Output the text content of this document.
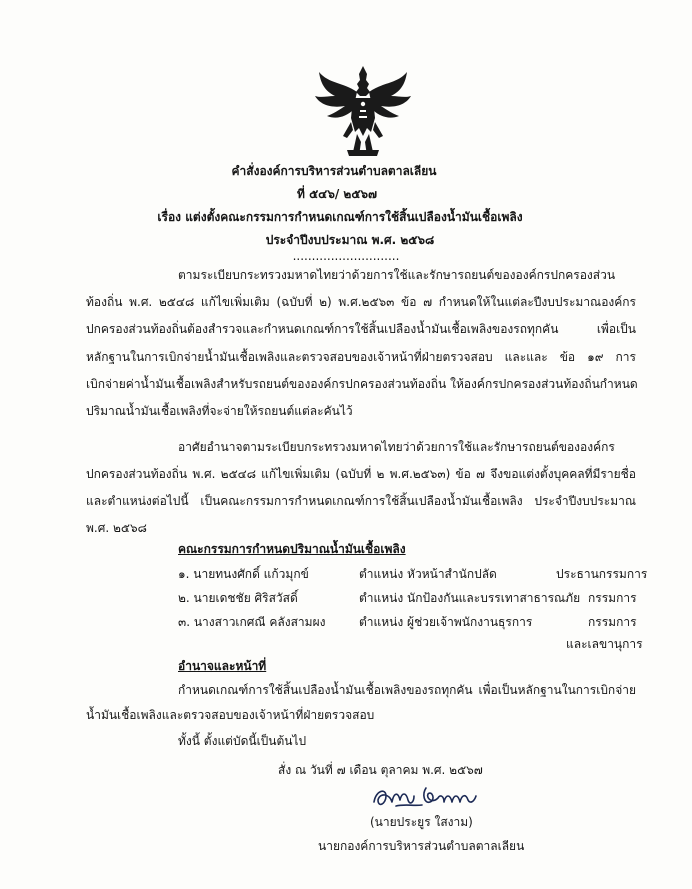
คำสั่งองค์การบริหารส่วนตำบลตาลเลียน
ที่ ๕๔๖/ ๒๕๖๗
เรื่อง แต่งตั้งคณะกรรมการกำหนดเกณฑ์การใช้สิ้นเปลืองน้ำมันเชื้อเพลิง
ประจำปีงบประมาณ พ.ศ. ๒๕๖๘
............................
ตามระเบียบกระทรวงมหาดไทยว่าด้วยการใช้และรักษารถยนต์ขององค์กรปกครองส่วน
ท้องถิ่น พ.ศ. ๒๕๔๘ แก้ไขเพิ่มเติม (ฉบับที่ ๒) พ.ศ.๒๕๖๓ ข้อ ๗ กำหนดให้ในแต่ละปีงบประมาณองค์กร
ปกครองส่วนท้องถิ่นต้องสำรวจและกำหนดเกณฑ์การใช้สิ้นเปลืองน้ำมันเชื้อเพลิงของรถทุกคัน เพื่อเป็น
หลักฐานในการเบิกจ่ายน้ำมันเชื้อเพลิงและตรวจสอบของเจ้าหน้าที่ฝ่ายตรวจสอบ และและ ข้อ ๑๙ การ
เบิกจ่ายค่าน้ำมันเชื้อเพลิงสำหรับรถยนต์ขององค์กรปกครองส่วนท้องถิ่น ให้องค์กรปกครองส่วนท้องถิ่นกำหนด
ปริมาณน้ำมันเชื้อเพลิงที่จะจ่ายให้รถยนต์แต่ละคันไว้
อาศัยอำนาจตามระเบียบกระทรวงมหาดไทยว่าด้วยการใช้และรักษารถยนต์ขององค์กร
ปกครองส่วนท้องถิ่น พ.ศ. ๒๕๔๘ แก้ไขเพิ่มเติม (ฉบับที่ ๒ พ.ศ.๒๕๖๓) ข้อ ๗ จึงขอแต่งตั้งบุคคลที่มีรายชื่อ
และตำแหน่งต่อไปนี้ เป็นคณะกรรมการกำหนดเกณฑ์การใช้สิ้นเปลืองน้ำมันเชื้อเพลิง ประจำปีงบประมาณ
พ.ศ. ๒๕๖๘
คณะกรรมการกำหนดปริมาณน้ำมันเชื้อเพลิง
๑. นายทนงศักดิ์ แก้วมุกข์	ตำแหน่ง หัวหน้าสำนักปลัด	ประธานกรรมการ
๒. นายเดชชัย ศิริสวัสดิ์	ตำแหน่ง นักป้องกันและบรรเทาสาธารณภัย กรรมการ
๓. นางสาวเกศณี คลังสามผง	ตำแหน่ง ผู้ช่วยเจ้าพนักงานธุรการ	กรรมการ
และเลขานุการ
อำนาจและหน้าที่
กำหนดเกณฑ์การใช้สิ้นเปลืองน้ำมันเชื้อเพลิงของรถทุกคัน เพื่อเป็นหลักฐานในการเบิกจ่าย
น้ำมันเชื้อเพลิงและตรวจสอบของเจ้าหน้าที่ฝ่ายตรวจสอบ
ทั้งนี้ ตั้งแต่บัดนี้เป็นต้นไป
สั่ง ณ วันที่ ๗ เดือน ตุลาคม พ.ศ. ๒๕๖๗
(นายประยูร ใสงาม)
นายกองค์การบริหารส่วนตำบลตาลเลียน
